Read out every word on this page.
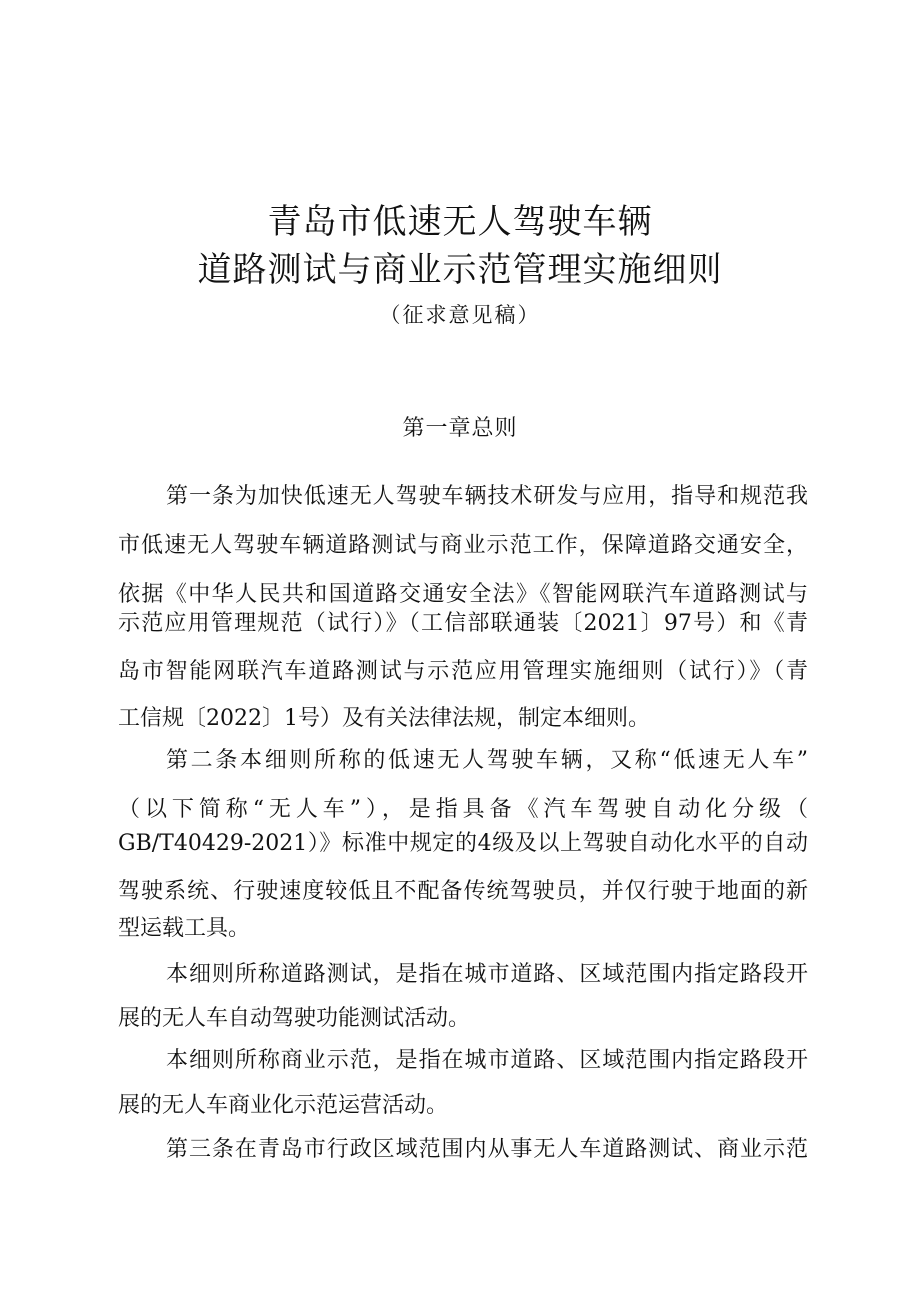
青岛市低速无人驾驶车辆
道路测试与商业示范管理实施细则
（征求意见稿）
第一章总则
第一条为加快低速无人驾驶车辆技术研发与应用，指导和规范我
市低速无人驾驶车辆道路测试与商业示范工作，保障道路交通安全，
依据《中华人民共和国道路交通安全法》《智能网联汽车道路测试与
示范应用管理规范（试行）》（工信部联通装〔2021〕97号）和《青
岛市智能网联汽车道路测试与示范应用管理实施细则（试行）》（青
工信规〔2022〕1号）及有关法律法规，制定本细则。
第二条本细则所称的低速无人驾驶车辆，又称“低速无人车”
（以下简称“无人车”），是指具备《汽车驾驶自动化分级（
GB/T40429-2021）》标准中规定的4级及以上驾驶自动化水平的自动
驾驶系统、行驶速度较低且不配备传统驾驶员，并仅行驶于地面的新
型运载工具。
本细则所称道路测试，是指在城市道路、区域范围内指定路段开
展的无人车自动驾驶功能测试活动。
本细则所称商业示范，是指在城市道路、区域范围内指定路段开
展的无人车商业化示范运营活动。
第三条在青岛市行政区域范围内从事无人车道路测试、商业示范
